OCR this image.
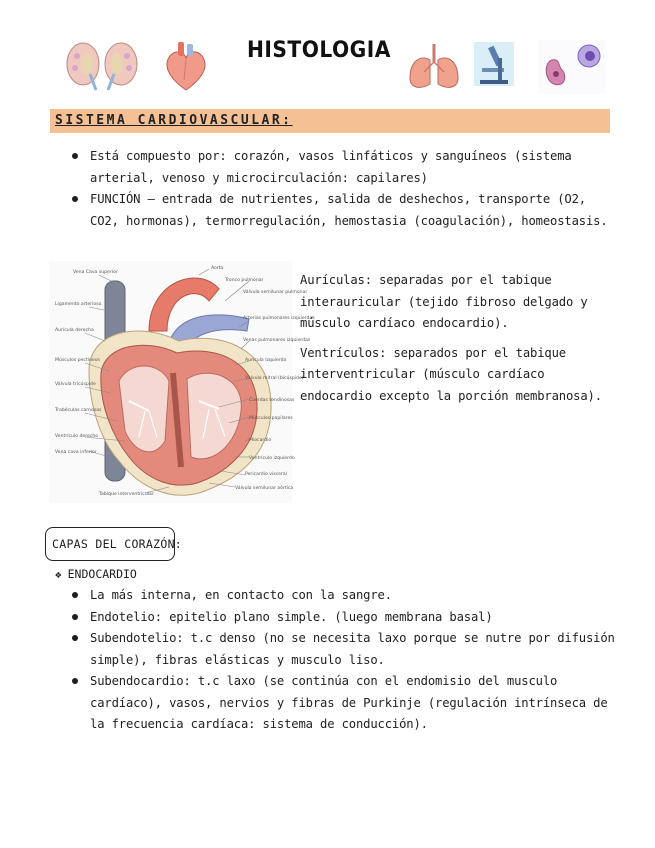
HISTOLOGIA
SISTEMA CARDIOVASCULAR:
Está compuesto por: corazón, vasos linfáticos y sanguíneos (sistema arterial, venoso y microcirculación: capilares)
FUNCIÓN – entrada de nutrientes, salida de deshechos, transporte (O2, CO2, hormonas), termorregulación, hemostasia (coagulación), homeostasis.
Vena Cava superior
Ligamento arterioso
Aurícula derecha
Músculos pectíneos
Válvula tricúspide
Trabéculas carnosas
Ventrículo derecho
Vena cava inferior
Aorta
Tronco pulmonar
Válvula semilunar pulmonar
Arterias pulmonares izquierdas
Venas pulmonares izquierdas
Aurícula izquierda
Válvula mitral (bicúspide)
Cuerdas tendinosas
Músculos papilares
Miocardio
Ventrículo izquierdo
Pericardio visceral
Válvula semilunar aórtica
Tabique interventricular

Aurículas: separadas por el tabique interauricular (tejido fibroso delgado y músculo cardíaco endocardio).

Ventrículos: separados por el tabique interventricular (músculo cardíaco endocardio excepto la porción membranosa).

CAPAS DEL CORAZÓN:
❖ ENDOCARDIO
La más interna, en contacto con la sangre.
Endotelio: epitelio plano simple. (luego membrana basal)
Subendotelio: t.c denso (no se necesita laxo porque se nutre por difusión simple), fibras elásticas y musculo liso.
Subendocardio: t.c laxo (se continúa con el endomisio del musculo cardíaco), vasos, nervios y fibras de Purkinje (regulación intrínseca de la frecuencia cardíaca: sistema de conducción).
